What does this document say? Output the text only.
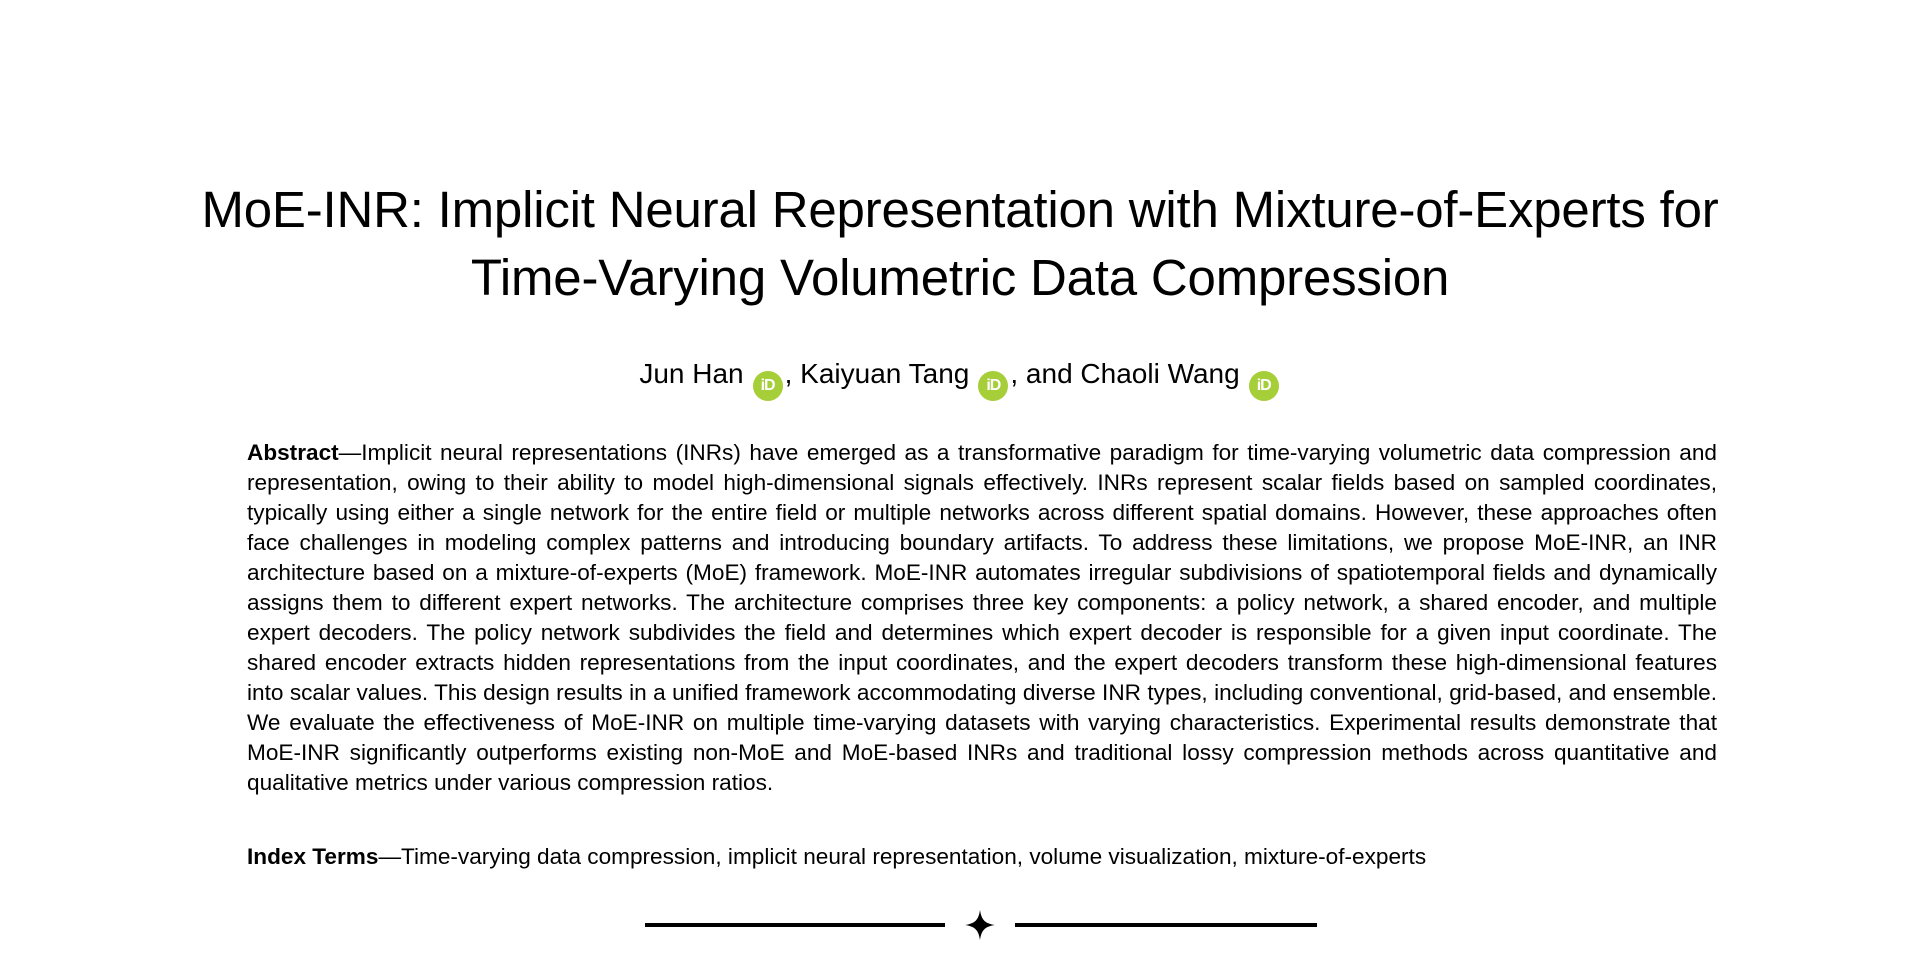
MoE-INR: Implicit Neural Representation with Mixture-of-Experts for
Time-Varying Volumetric Data Compression
Jun Han iD , Kaiyuan Tang iD , and Chaoli Wang iD

Abstract—Implicit neural representations (INRs) have emerged as a transformative paradigm for time-varying volumetric data compression and representation, owing to their ability to model high-dimensional signals effectively. INRs represent scalar fields based on sampled coordinates, typically using either a single network for the entire field or multiple networks across different spatial domains. However, these approaches often face challenges in modeling complex patterns and introducing boundary artifacts. To address these limitations, we propose MoE-INR, an INR architecture based on a mixture-of-experts (MoE) framework. MoE-INR automates irregular subdivisions of spatiotemporal fields and dynamically assigns them to different expert networks. The architecture comprises three key components: a policy network, a shared encoder, and multiple expert decoders. The policy network subdivides the field and determines which expert decoder is responsible for a given input coordinate. The shared encoder extracts hidden representations from the input coordinates, and the expert decoders transform these high-dimensional features into scalar values. This design results in a unified framework accommodating diverse INR types, including conventional, grid-based, and ensemble. We evaluate the effectiveness of MoE-INR on multiple time-varying datasets with varying characteristics. Experimental results demonstrate that MoE-INR significantly outperforms existing non-MoE and MoE-based INRs and traditional lossy compression methods across quantitative and qualitative metrics under various compression ratios.

Index Terms—Time-varying data compression, implicit neural representation, volume visualization, mixture-of-experts
